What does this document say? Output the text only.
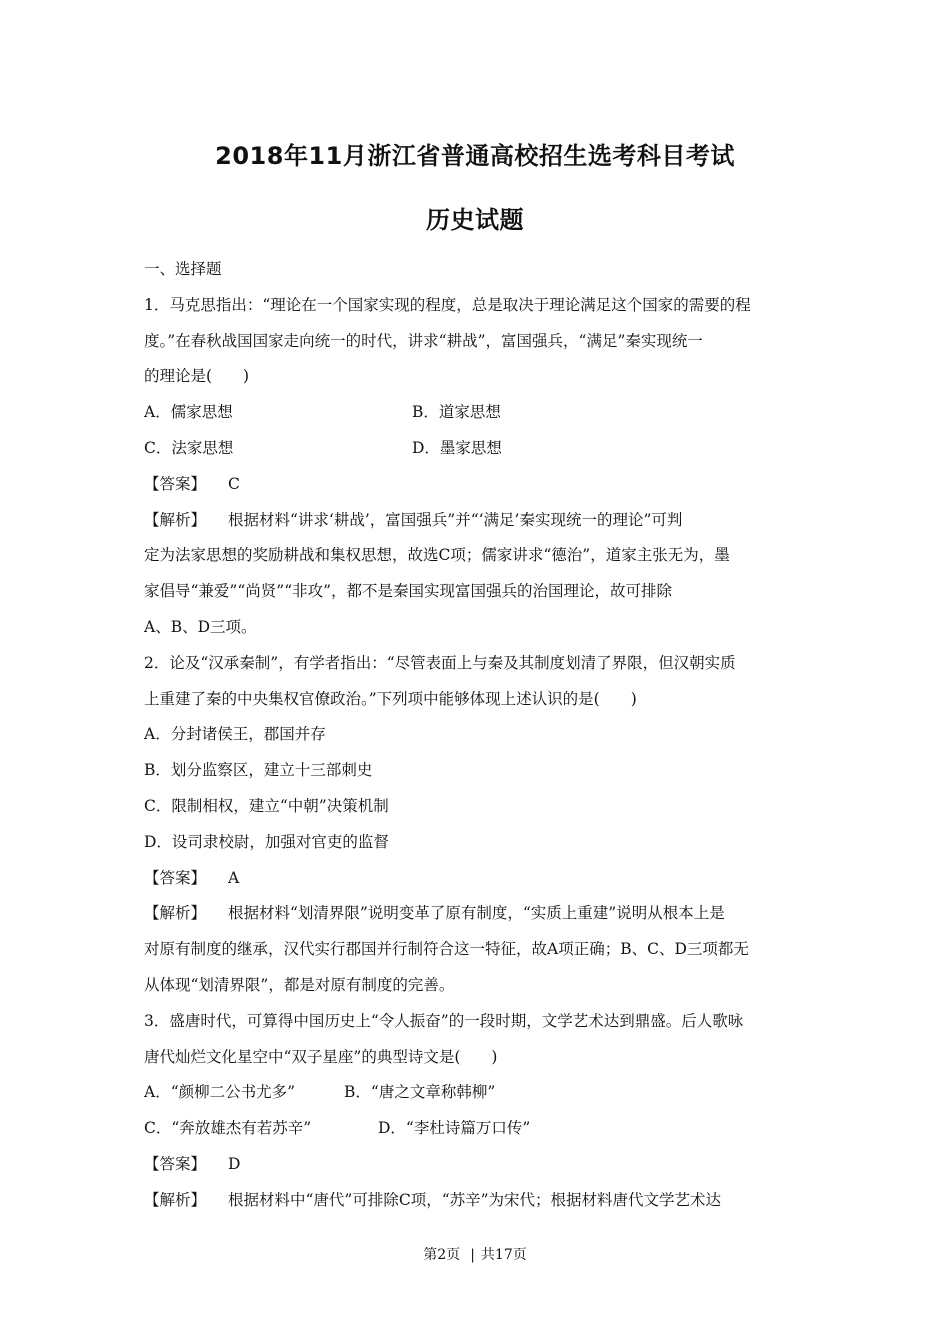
2018年11月浙江省普通高校招生选考科目考试
历史试题
一、选择题
1．马克思指出：“理论在一个国家实现的程度，总是取决于理论满足这个国家的需要的程
度。”在春秋战国国家走向统一的时代，讲求“耕战”，富国强兵，“满足”秦实现统一
的理论是(　　)
A．儒家思想	B．道家思想
C．法家思想	D．墨家思想
【答案】 C
【解析】 根据材料“讲求‘耕战’，富国强兵”并“‘满足’秦实现统一的理论”可判
定为法家思想的奖励耕战和集权思想，故选C项；儒家讲求“德治”，道家主张无为，墨
家倡导“兼爱”“尚贤”“非攻”，都不是秦国实现富国强兵的治国理论，故可排除
A、B、D三项。
2．论及“汉承秦制”，有学者指出：“尽管表面上与秦及其制度划清了界限，但汉朝实质
上重建了秦的中央集权官僚政治。”下列项中能够体现上述认识的是(　　)
A．分封诸侯王，郡国并存
B．划分监察区，建立十三部刺史
C．限制相权，建立“中朝”决策机制
D．设司隶校尉，加强对官吏的监督
【答案】 A
【解析】 根据材料“划清界限”说明变革了原有制度，“实质上重建”说明从根本上是
对原有制度的继承，汉代实行郡国并行制符合这一特征，故A项正确；B、C、D三项都无
从体现“划清界限”，都是对原有制度的完善。
3．盛唐时代，可算得中国历史上“令人振奋”的一段时期，文学艺术达到鼎盛。后人歌咏
唐代灿烂文化星空中“双子星座”的典型诗文是(　　)
A．“颜柳二公书尤多”	B．“唐之文章称韩柳”
C．“奔放雄杰有若苏辛”	D．“李杜诗篇万口传”
【答案】 D
【解析】 根据材料中“唐代”可排除C项，“苏辛”为宋代；根据材料唐代文学艺术达
第2页 | 共17页
